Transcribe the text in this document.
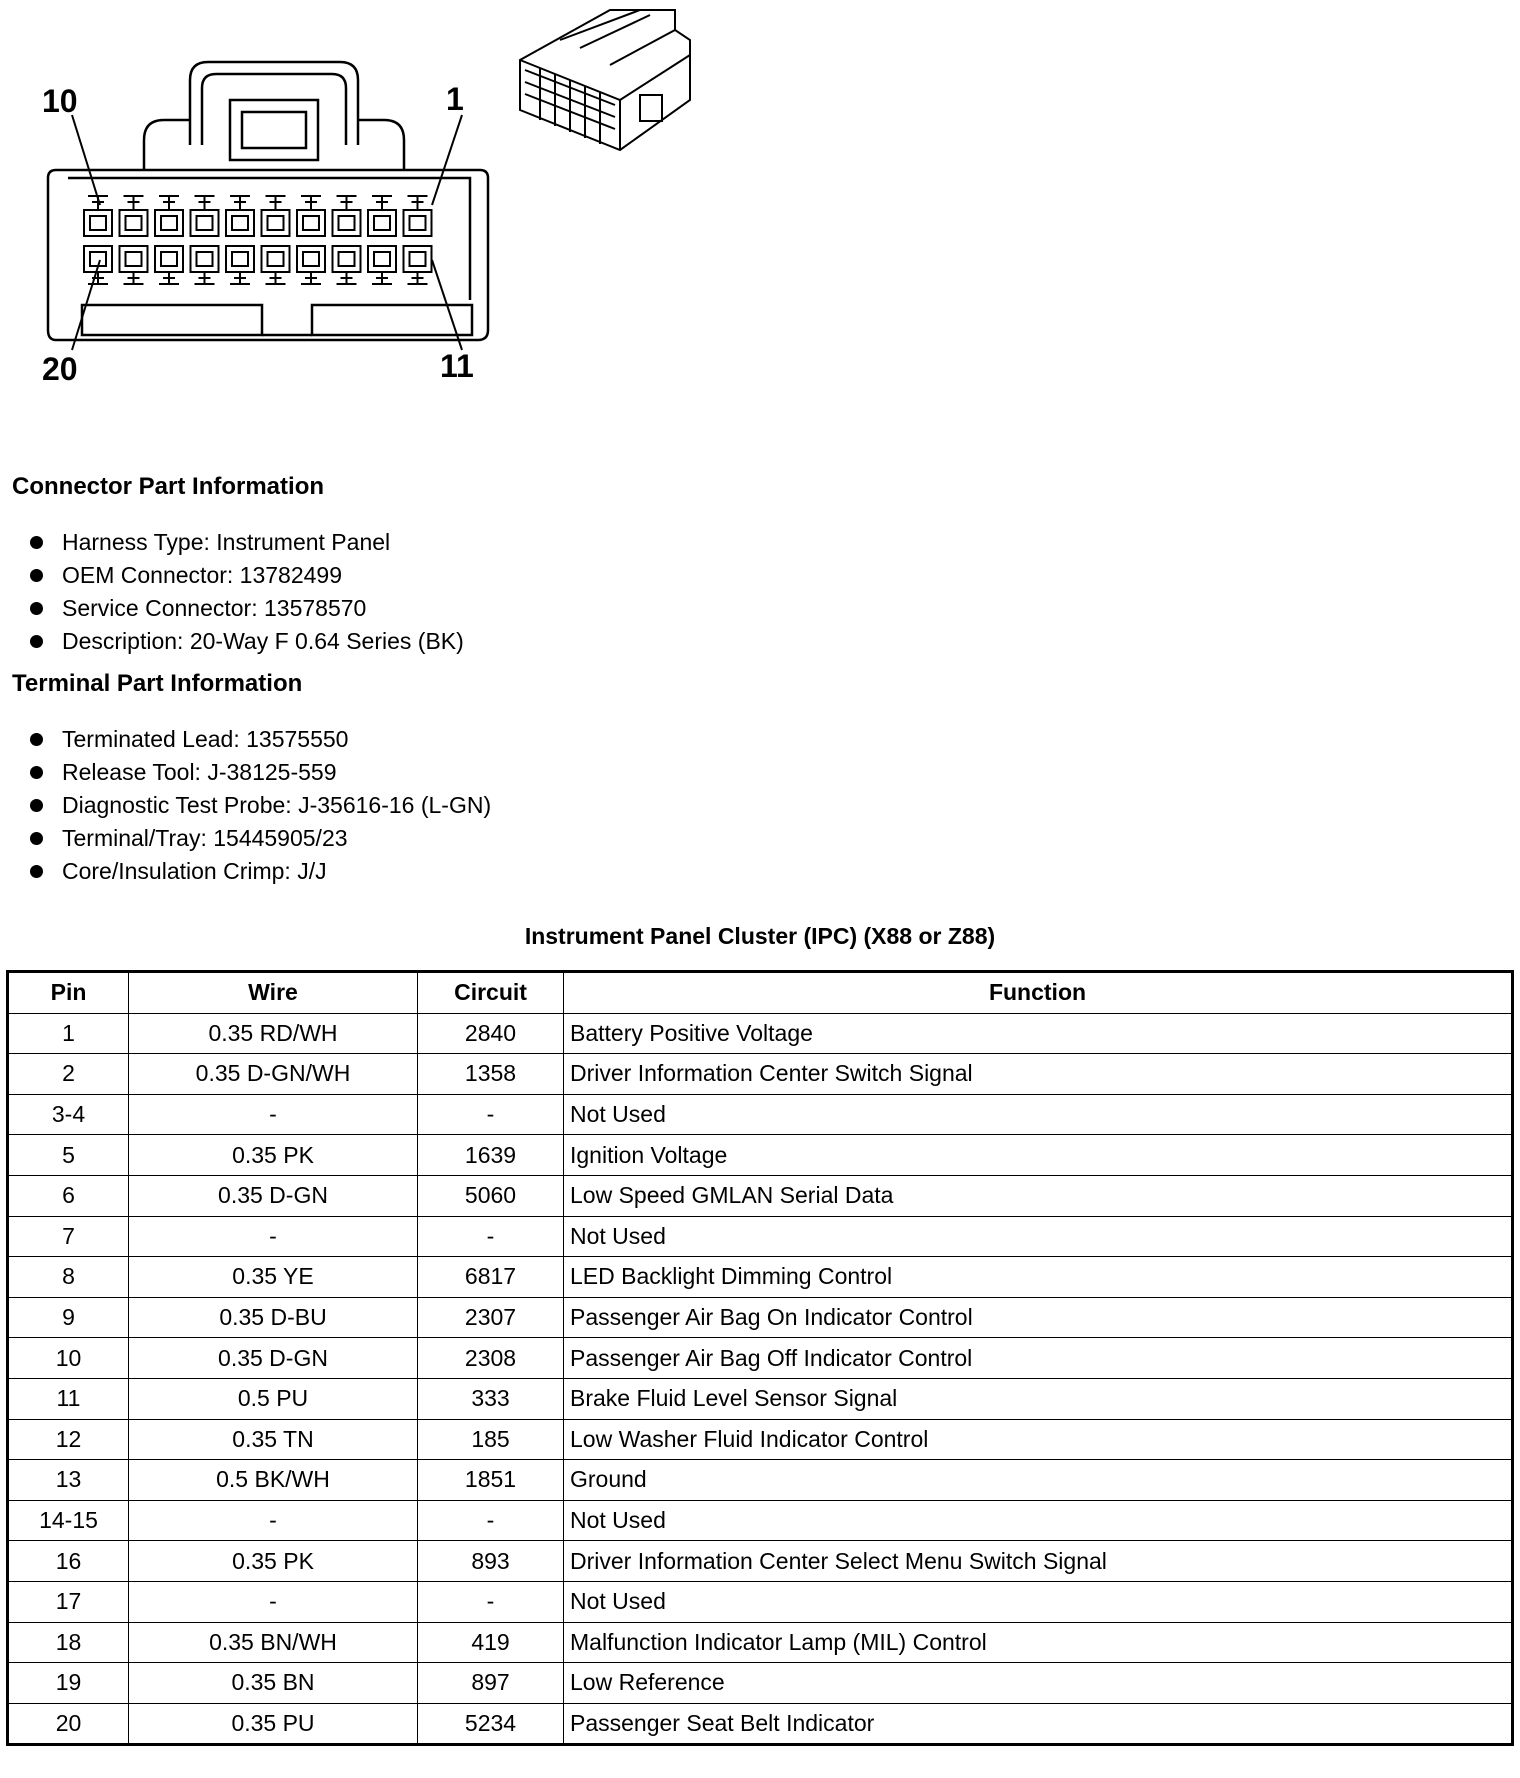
10	1
20	11
Connector Part Information
Harness Type: Instrument Panel
OEM Connector: 13782499
Service Connector: 13578570
Description: 20-Way F 0.64 Series (BK)
Terminal Part Information
Terminated Lead: 13575550
Release Tool: J-38125-559
Diagnostic Test Probe: J-35616-16 (L-GN)
Terminal/Tray: 15445905/23
Core/Insulation Crimp: J/J
Instrument Panel Cluster (IPC) (X88 or Z88)
Pin	Wire	Circuit	Function
1	0.35 RD/WH	2840	Battery Positive Voltage
2	0.35 D-GN/WH	1358	Driver Information Center Switch Signal
3-4	-	-	Not Used
5	0.35 PK	1639	Ignition Voltage
6	0.35 D-GN	5060	Low Speed GMLAN Serial Data
7	-	-	Not Used
8	0.35 YE	6817	LED Backlight Dimming Control
9	0.35 D-BU	2307	Passenger Air Bag On Indicator Control
10	0.35 D-GN	2308	Passenger Air Bag Off Indicator Control
11	0.5 PU	333	Brake Fluid Level Sensor Signal
12	0.35 TN	185	Low Washer Fluid Indicator Control
13	0.5 BK/WH	1851	Ground
14-15	-	-	Not Used
16	0.35 PK	893	Driver Information Center Select Menu Switch Signal
17	-	-	Not Used
18	0.35 BN/WH	419	Malfunction Indicator Lamp (MIL) Control
19	0.35 BN	897	Low Reference
20	0.35 PU	5234	Passenger Seat Belt Indicator
